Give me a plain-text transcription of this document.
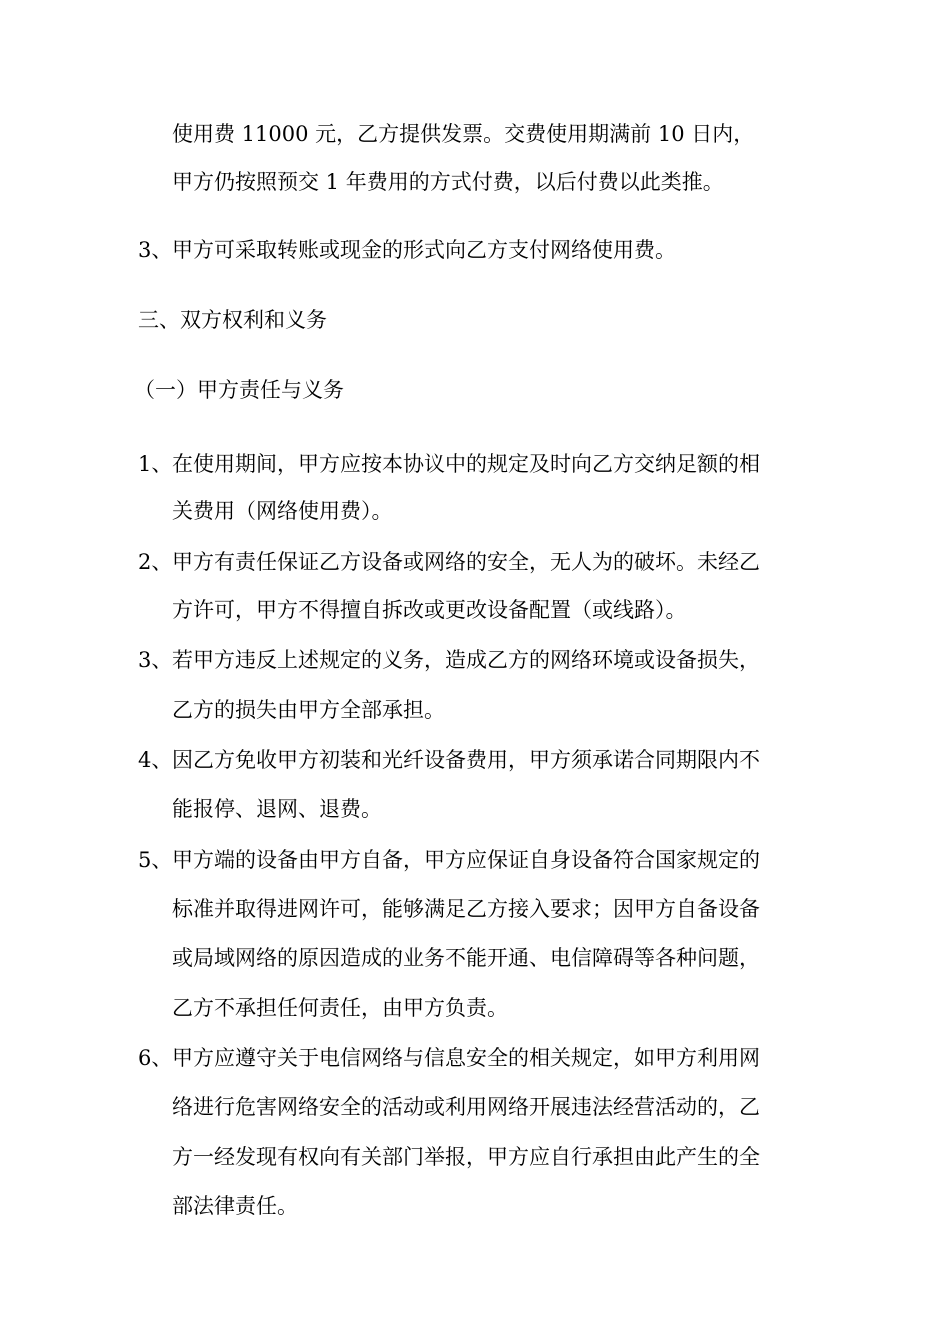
使用费 11000 元，乙方提供发票。交费使用期满前 10 日内，
甲方仍按照预交 1 年费用的方式付费，以后付费以此类推。
3、甲方可采取转账或现金的形式向乙方支付网络使用费。
三、双方权利和义务
（一）甲方责任与义务
1、在使用期间，甲方应按本协议中的规定及时向乙方交纳足额的相
关费用（网络使用费）。
2、甲方有责任保证乙方设备或网络的安全，无人为的破坏。未经乙
方许可，甲方不得擅自拆改或更改设备配置（或线路）。
3、若甲方违反上述规定的义务，造成乙方的网络环境或设备损失，
乙方的损失由甲方全部承担。
4、因乙方免收甲方初装和光纤设备费用，甲方须承诺合同期限内不
能报停、退网、退费。
5、甲方端的设备由甲方自备，甲方应保证自身设备符合国家规定的
标准并取得进网许可，能够满足乙方接入要求；因甲方自备设备
或局域网络的原因造成的业务不能开通、电信障碍等各种问题，
乙方不承担任何责任，由甲方负责。
6、甲方应遵守关于电信网络与信息安全的相关规定，如甲方利用网
络进行危害网络安全的活动或利用网络开展违法经营活动的，乙
方一经发现有权向有关部门举报，甲方应自行承担由此产生的全
部法律责任。
